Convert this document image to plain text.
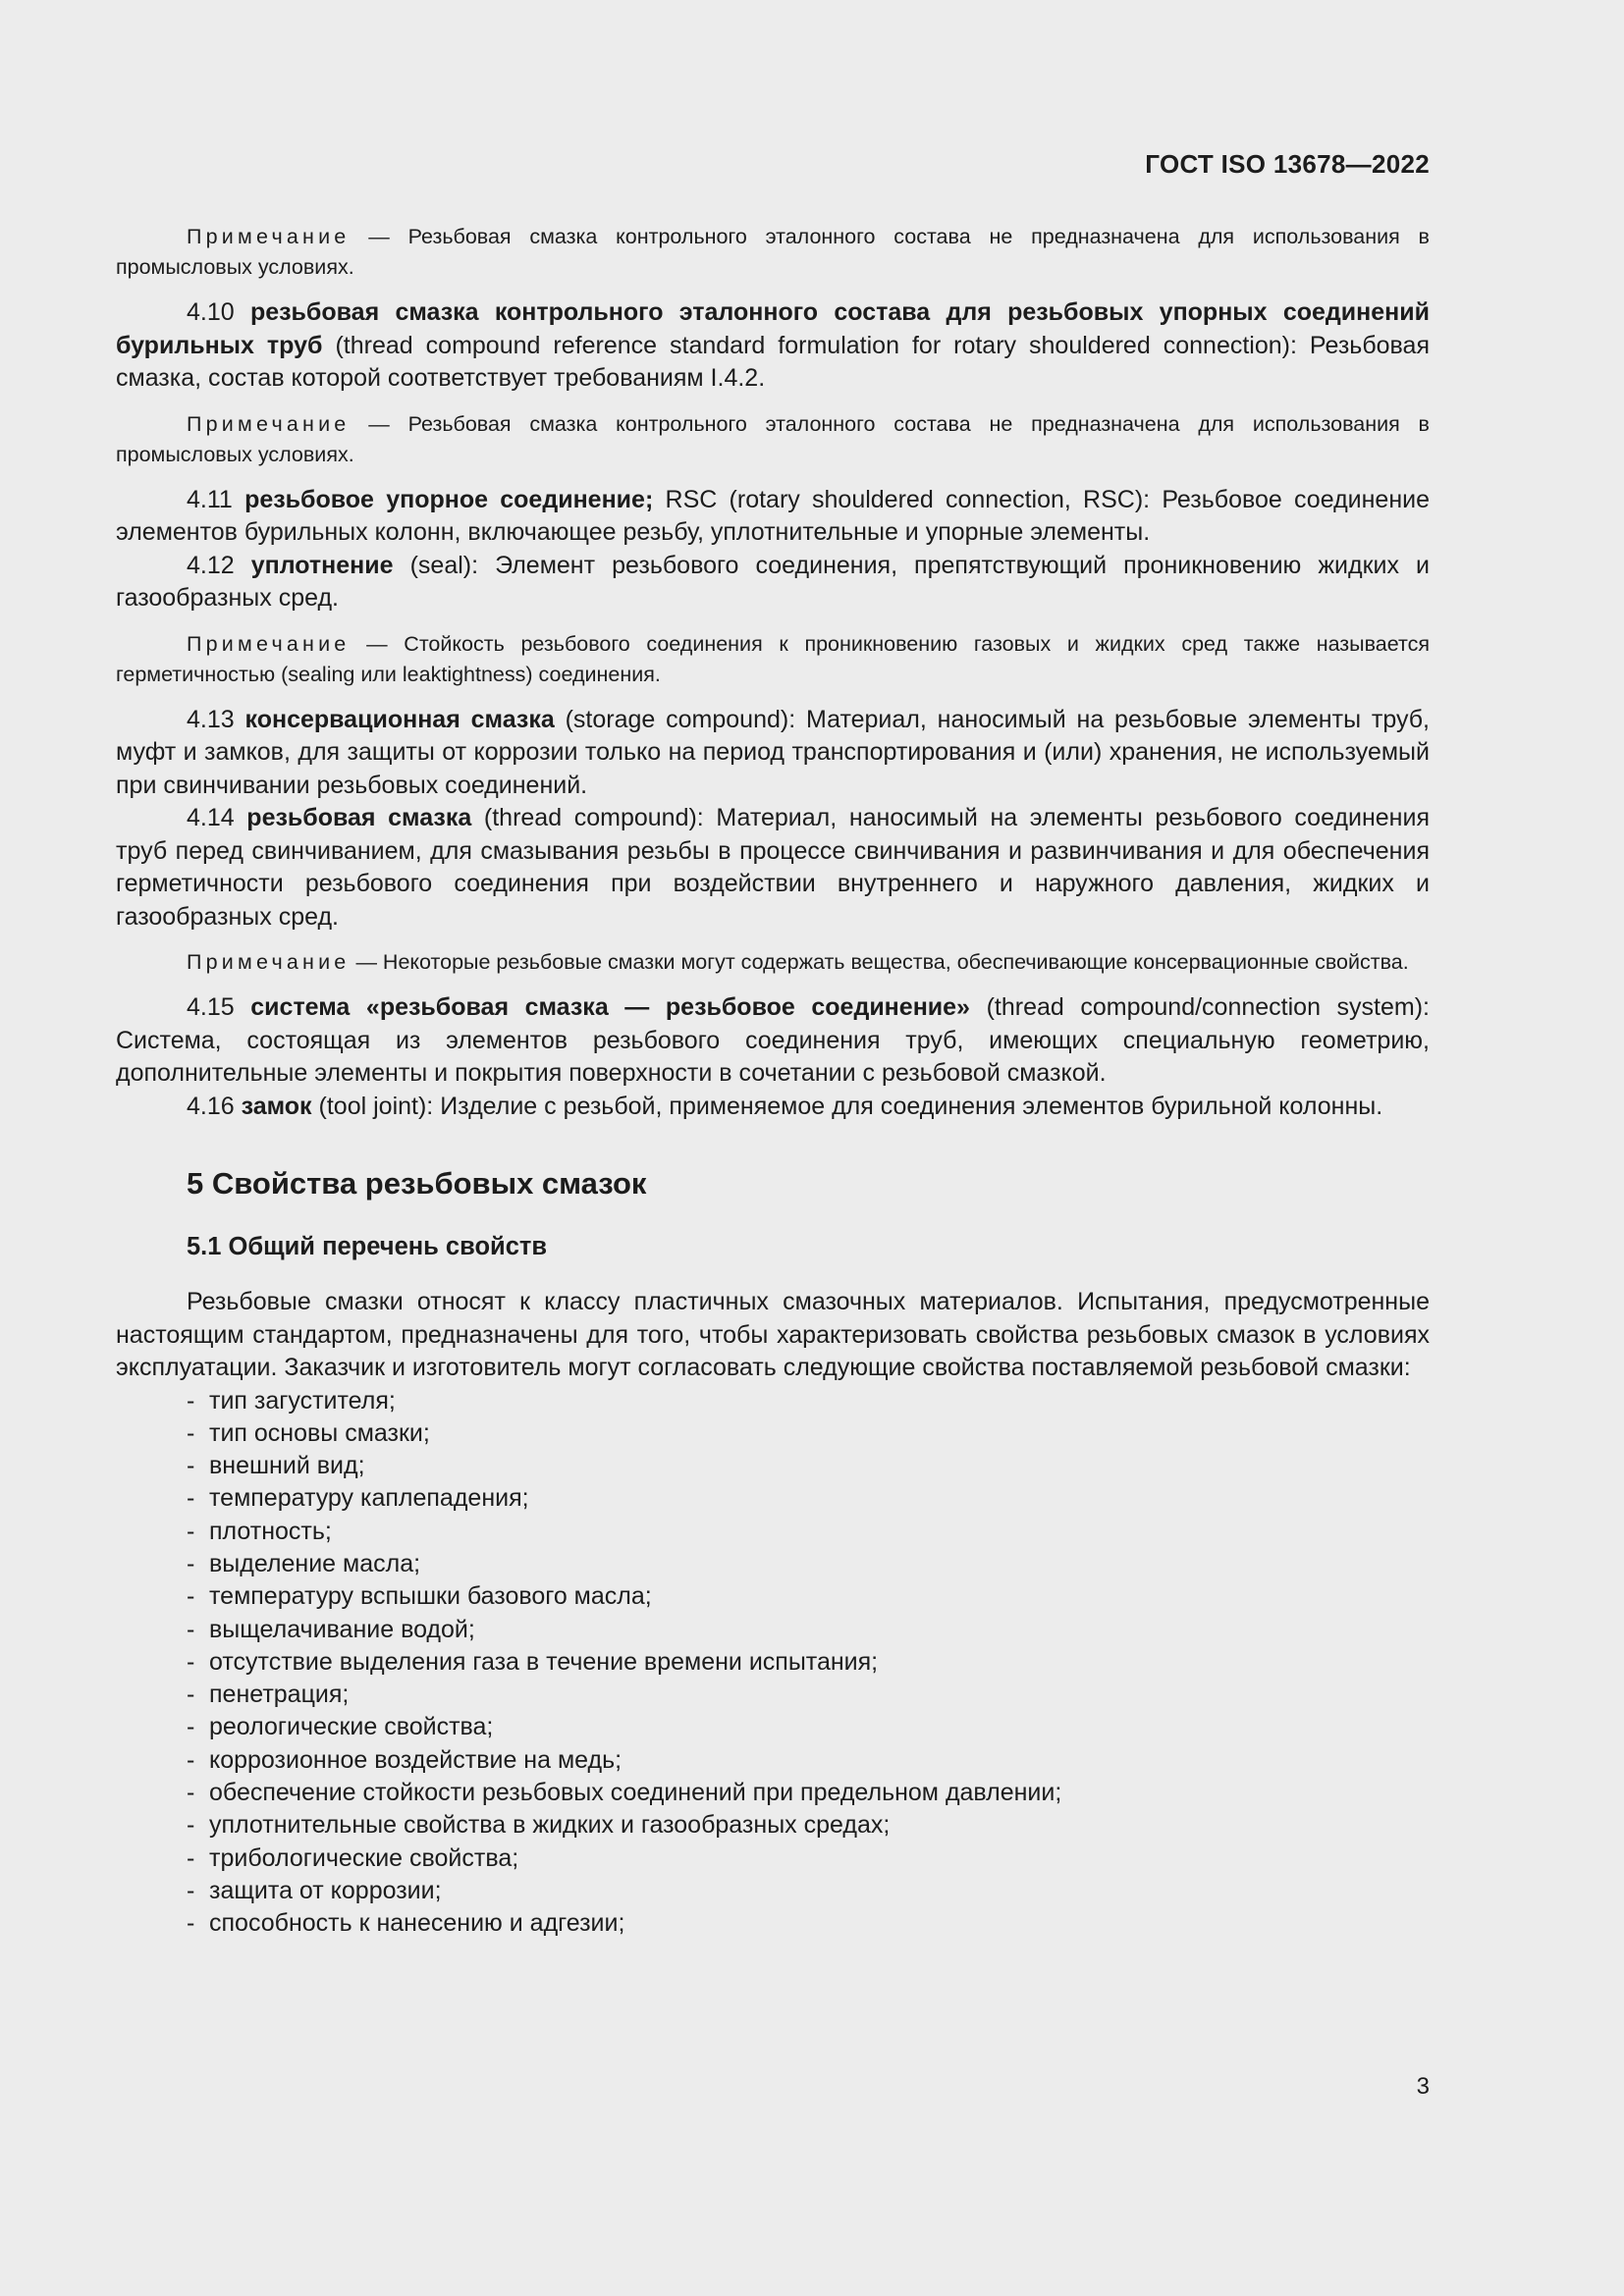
ГОСТ ISO 13678—2022

Примечание — Резьбовая смазка контрольного эталонного состава не предназначена для использования в промысловых условиях.

4.10 резьбовая смазка контрольного эталонного состава для резьбовых упорных соединений бурильных труб (thread compound reference standard formulation for rotary shouldered connection): Резьбовая смазка, состав которой соответствует требованиям I.4.2.

Примечание — Резьбовая смазка контрольного эталонного состава не предназначена для использования в промысловых условиях.

4.11 резьбовое упорное соединение; RSC (rotary shouldered connection, RSC): Резьбовое соединение элементов бурильных колонн, включающее резьбу, уплотнительные и упорные элементы.

4.12 уплотнение (seal): Элемент резьбового соединения, препятствующий проникновению жидких и газообразных сред.

Примечание — Стойкость резьбового соединения к проникновению газовых и жидких сред также называется герметичностью (sealing или leaktightness) соединения.

4.13 консервационная смазка (storage compound): Материал, наносимый на резьбовые элементы труб, муфт и замков, для защиты от коррозии только на период транспортирования и (или) хранения, не используемый при свинчивании резьбовых соединений.

4.14 резьбовая смазка (thread compound): Материал, наносимый на элементы резьбового соединения труб перед свинчиванием, для смазывания резьбы в процессе свинчивания и развинчивания и для обеспечения герметичности резьбового соединения при воздействии внутреннего и наружного давления, жидких и газообразных сред.

Примечание — Некоторые резьбовые смазки могут содержать вещества, обеспечивающие консервационные свойства.

4.15 система «резьбовая смазка — резьбовое соединение» (thread compound/connection system): Система, состоящая из элементов резьбового соединения труб, имеющих специальную геометрию, дополнительные элементы и покрытия поверхности в сочетании с резьбовой смазкой.

4.16 замок (tool joint): Изделие с резьбой, применяемое для соединения элементов бурильной колонны.

5 Свойства резьбовых смазок
5.1 Общий перечень свойств

Резьбовые смазки относят к классу пластичных смазочных материалов. Испытания, предусмотренные настоящим стандартом, предназначены для того, чтобы характеризовать свойства резьбовых смазок в условиях эксплуатации. Заказчик и изготовитель могут согласовать следующие свойства поставляемой резьбовой смазки:

- тип загустителя;
- тип основы смазки;
- внешний вид;
- температуру каплепадения;
- плотность;
- выделение масла;
- температуру вспышки базового масла;
- выщелачивание водой;
- отсутствие выделения газа в течение времени испытания;
- пенетрация;
- реологические свойства;
- коррозионное воздействие на медь;
- обеспечение стойкости резьбовых соединений при предельном давлении;
- уплотнительные свойства в жидких и газообразных средах;
- трибологические свойства;
- защита от коррозии;
- способность к нанесению и адгезии;
3
